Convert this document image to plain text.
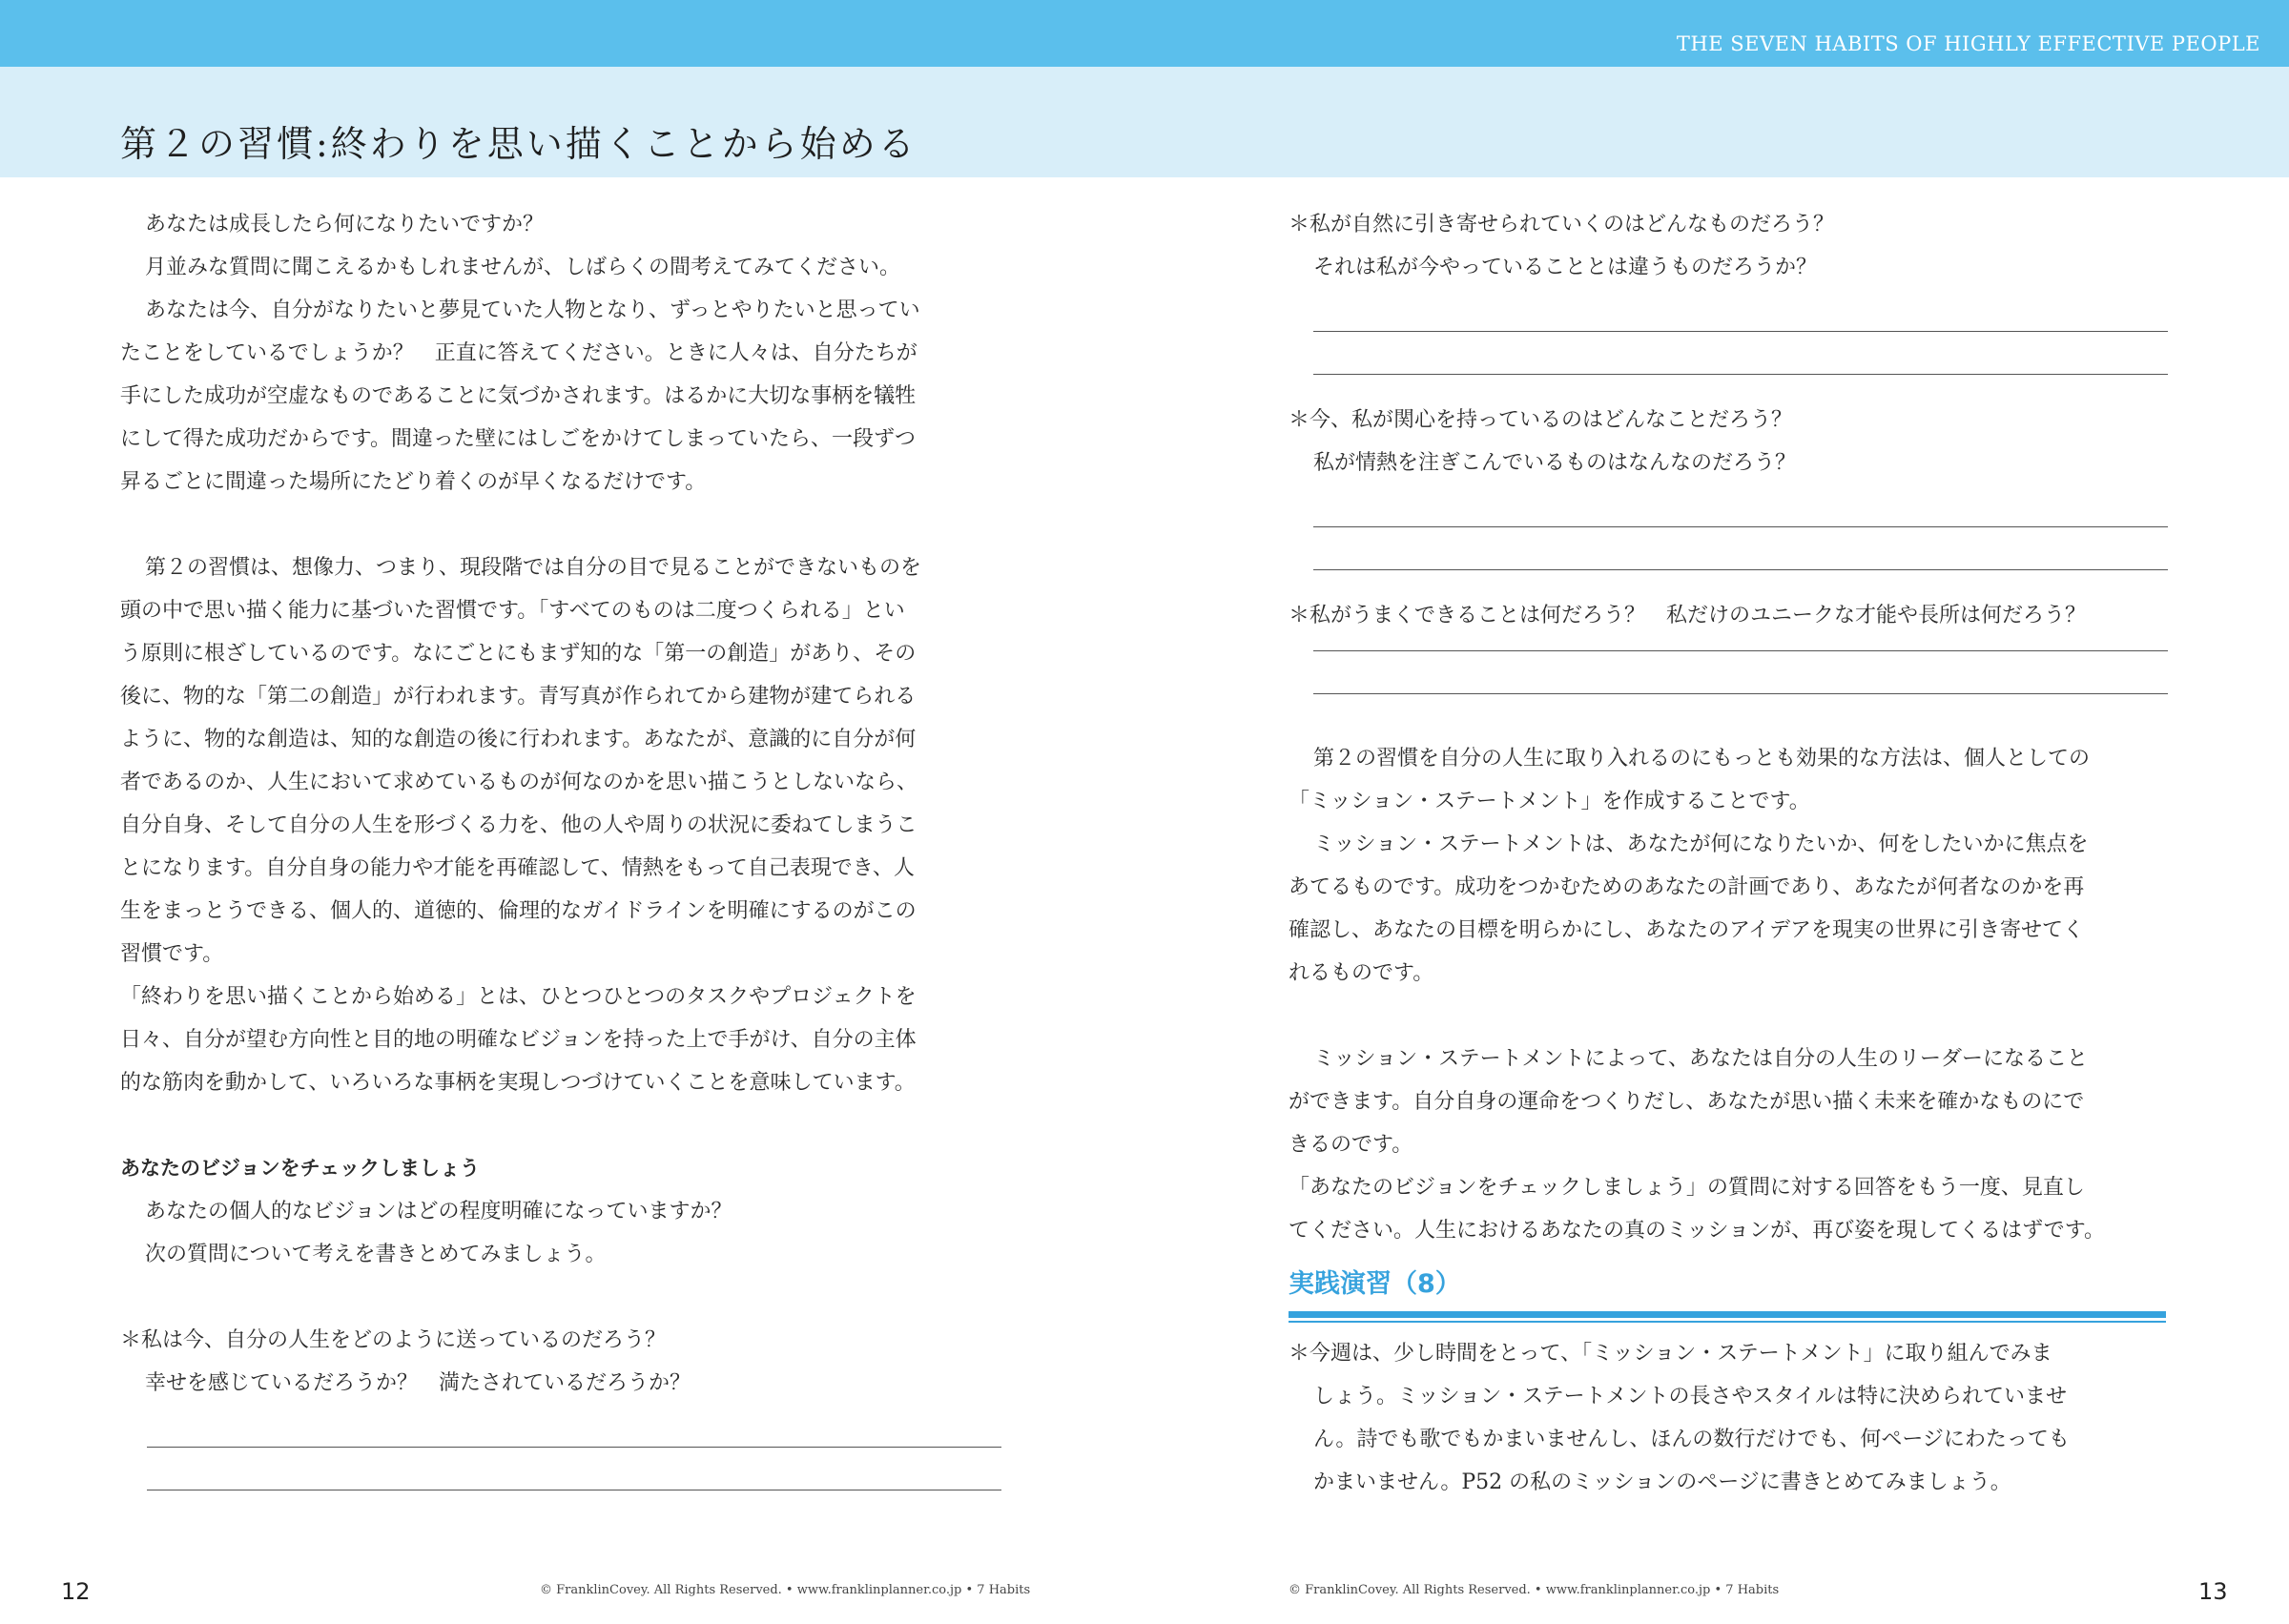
THE SEVEN HABITS OF HIGHLY EFFECTIVE PEOPLE
第２の習慣:終わりを思い描くことから始める

あなたは成長したら何になりたいですか？

月並みな質問に聞こえるかもしれませんが、しばらくの間考えてみてください。

あなたは今、自分がなりたいと夢見ていた人物となり、ずっとやりたいと思ってい

たことをしているでしょうか？　正直に答えてください。ときに人々は、自分たちが

手にした成功が空虚なものであることに気づかされます。はるかに大切な事柄を犠牲

にして得た成功だからです。間違った壁にはしごをかけてしまっていたら、一段ずつ

昇るごとに間違った場所にたどり着くのが早くなるだけです。

第２の習慣は、想像力、つまり、現段階では自分の目で見ることができないものを

頭の中で思い描く能力に基づいた習慣です。「すべてのものは二度つくられる」とい

う原則に根ざしているのです。なにごとにもまず知的な「第一の創造」があり、その

後に、物的な「第二の創造」が行われます。青写真が作られてから建物が建てられる

ように、物的な創造は、知的な創造の後に行われます。あなたが、意識的に自分が何

者であるのか、人生において求めているものが何なのかを思い描こうとしないなら、

自分自身、そして自分の人生を形づくる力を、他の人や周りの状況に委ねてしまうこ

とになります。自分自身の能力や才能を再確認して、情熱をもって自己表現でき、人

生をまっとうできる、個人的、道徳的、倫理的なガイドラインを明確にするのがこの

習慣です。

「終わりを思い描くことから始める」とは、ひとつひとつのタスクやプロジェクトを

日々、自分が望む方向性と目的地の明確なビジョンを持った上で手がけ、自分の主体

的な筋肉を動かして、いろいろな事柄を実現しつづけていくことを意味しています。

あなたのビジョンをチェックしましょう

あなたの個人的なビジョンはどの程度明確になっていますか？

次の質問について考えを書きとめてみましょう。

＊私は今、自分の人生をどのように送っているのだろう？

幸せを感じているだろうか？　満たされているだろうか？

＊私が自然に引き寄せられていくのはどんなものだろう？

それは私が今やっていることとは違うものだろうか？

＊今、私が関心を持っているのはどんなことだろう？

私が情熱を注ぎこんでいるものはなんなのだろう？

＊私がうまくできることは何だろう？　私だけのユニークな才能や長所は何だろう？

第２の習慣を自分の人生に取り入れるのにもっとも効果的な方法は、個人としての

「ミッション・ステートメント」を作成することです。

ミッション・ステートメントは、あなたが何になりたいか、何をしたいかに焦点を

あてるものです。成功をつかむためのあなたの計画であり、あなたが何者なのかを再

確認し、あなたの目標を明らかにし、あなたのアイデアを現実の世界に引き寄せてく

れるものです。

ミッション・ステートメントによって、あなたは自分の人生のリーダーになること

ができます。自分自身の運命をつくりだし、あなたが思い描く未来を確かなものにで

きるのです。

「あなたのビジョンをチェックしましょう」の質問に対する回答をもう一度、見直し

てください。人生におけるあなたの真のミッションが、再び姿を現してくるはずです。

実践演習（8）

＊今週は、少し時間をとって、「ミッション・ステートメント」に取り組んでみま

しょう。ミッション・ステートメントの長さやスタイルは特に決められていませ

ん。詩でも歌でもかまいませんし、ほんの数行だけでも、何ページにわたっても

かまいません。P52 の私のミッションのページに書きとめてみましょう。

12	© FranklinCovey. All Rights Reserved. • www.franklinplanner.co.jp • 7 Habits	© FranklinCovey. All Rights Reserved. • www.franklinplanner.co.jp • 7 Habits	13
